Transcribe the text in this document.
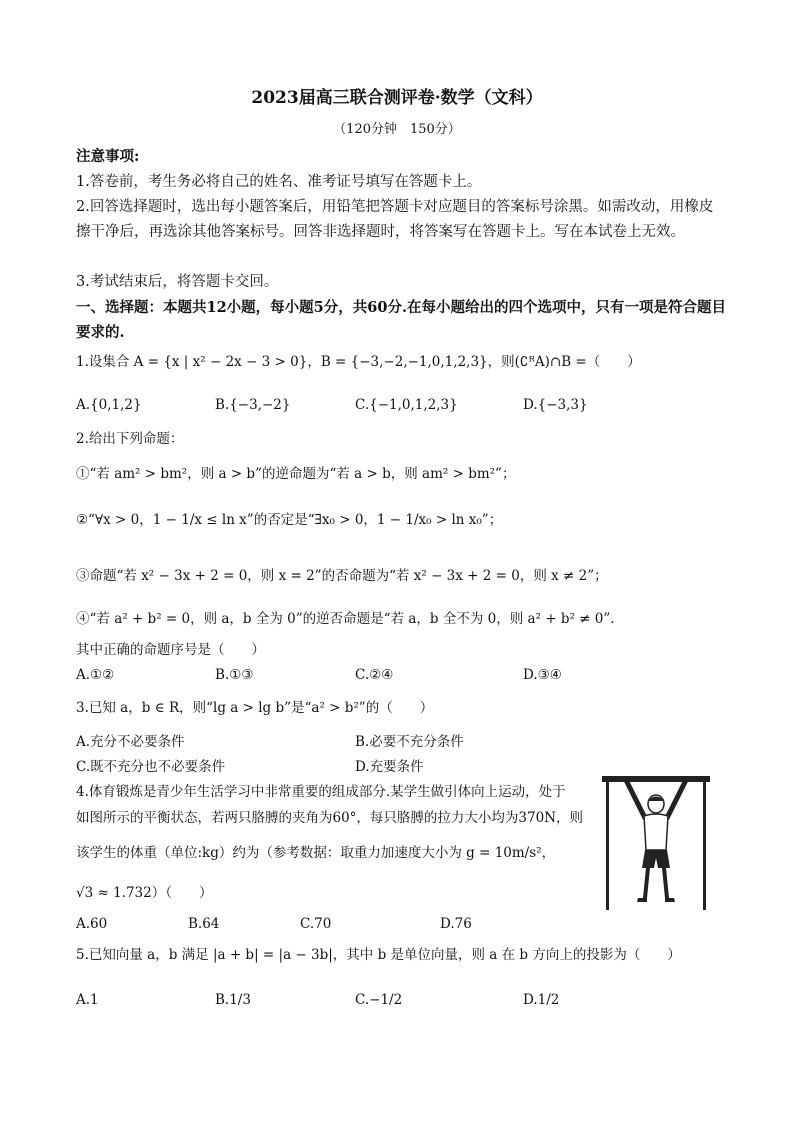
2023届高三联合测评卷·数学（文科）
（120分钟　150分）
注意事项:
1.答卷前，考生务必将自己的姓名、准考证号填写在答题卡上。
2.回答选择题时，选出每小题答案后，用铅笔把答题卡对应题目的答案标号涂黑。如需改动，用橡皮擦干净后，再选涂其他答案标号。回答非选择题时，将答案写在答题卡上。写在本试卷上无效。
3.考试结束后，将答题卡交回。
一、选择题：本题共12小题，每小题5分，共60分.在每小题给出的四个选项中，只有一项是符合题目要求的.
1.设集合 A = {x | x² − 2x − 3 > 0}，B = {−3,−2,−1,0,1,2,3}，则(∁ᴿA)∩B =（　　）
A.{0,1,2}	B.{−3,−2}	C.{−1,0,1,2,3}	D.{−3,3}
2.给出下列命题：
①“若 am² > bm²，则 a > b”的逆命题为“若 a > b，则 am² > bm²”；
②“∀x > 0，1 − 1/x ≤ ln x”的否定是“∃x₀ > 0，1 − 1/x₀ > ln x₀”；
③命题“若 x² − 3x + 2 = 0，则 x = 2”的否命题为“若 x² − 3x + 2 = 0，则 x ≠ 2”；
④“若 a² + b² = 0，则 a，b 全为 0”的逆否命题是“若 a，b 全不为 0，则 a² + b² ≠ 0”.
其中正确的命题序号是（　　）
A.①②	B.①③	C.②④	D.③④
3.已知 a，b ∈ R，则“lg a > lg b”是“a² > b²”的（　　）
A.充分不必要条件	B.必要不充分条件
C.既不充分也不必要条件	D.充要条件
4.体育锻炼是青少年生活学习中非常重要的组成部分.某学生做引体向上运动，处于
如图所示的平衡状态，若两只胳膊的夹角为60°，每只胳膊的拉力大小均为370N，则
该学生的体重（单位:kg）约为（参考数据：取重力加速度大小为 g = 10m/s²，
√3 ≈ 1.732）（　　）
A.60	B.64	C.70	D.76
5.已知向量 a，b 满足 |a + b| = |a − 3b|，其中 b 是单位向量，则 a 在 b 方向上的投影为（　　）
A.1	B.1/3	C.−1/2	D.1/2
